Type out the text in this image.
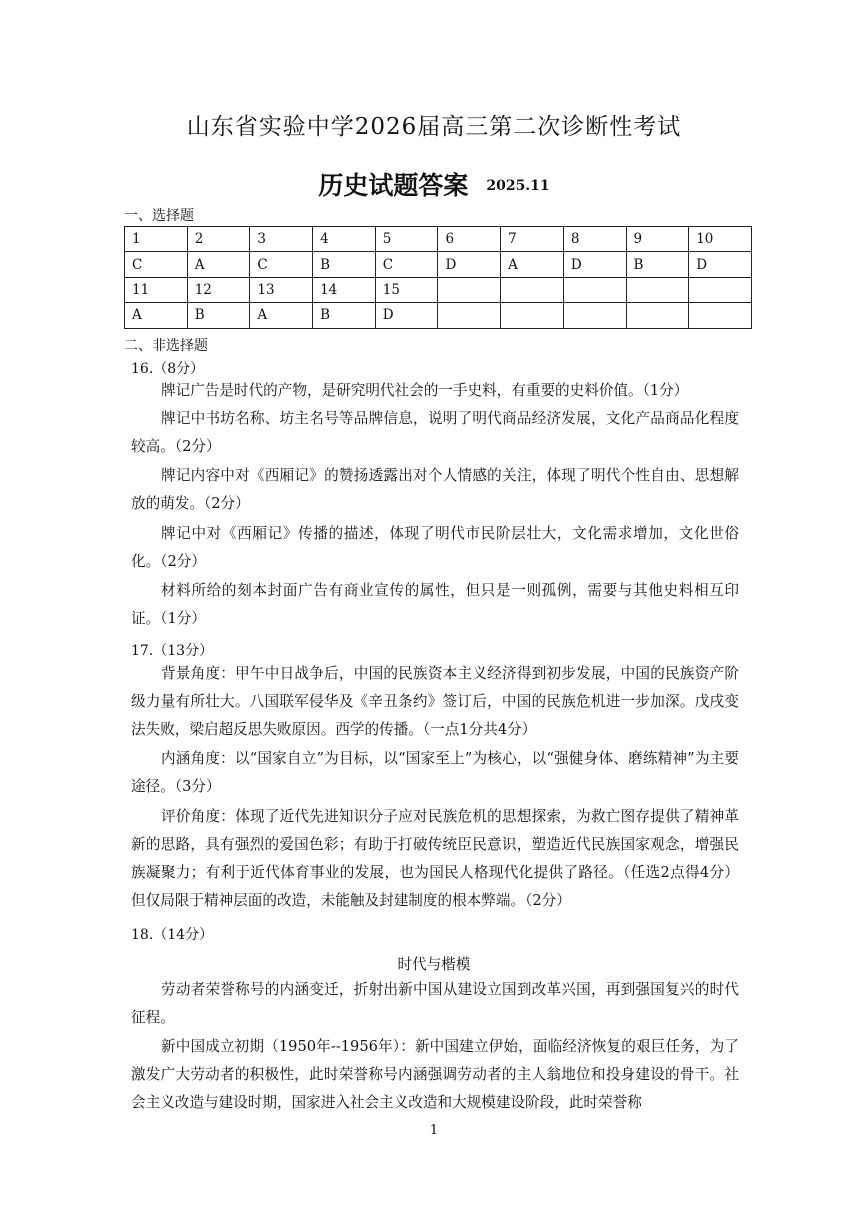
山东省实验中学2026届高三第二次诊断性考试
历史试题答案 2025.11
一、选择题
1	2	3	4	5	6	7	8	9	10
C	A	C	B	C	D	A	D	B	D
11	12	13	14	15					
A	B	A	B	D					
二、非选择题
16.（8分）
牌记广告是时代的产物，是研究明代社会的一手史料，有重要的史料价值。（1分）
牌记中书坊名称、坊主名号等品牌信息，说明了明代商品经济发展，文化产品商品化程度较高。（2分）
牌记内容中对《西厢记》的赞扬透露出对个人情感的关注，体现了明代个性自由、思想解放的萌发。（2分）
牌记中对《西厢记》传播的描述，体现了明代市民阶层壮大，文化需求增加，文化世俗化。（2分）
材料所给的刻本封面广告有商业宣传的属性，但只是一则孤例，需要与其他史料相互印证。（1分）
17.（13分）
背景角度：甲午中日战争后，中国的民族资本主义经济得到初步发展，中国的民族资产阶级力量有所壮大。八国联军侵华及《辛丑条约》签订后，中国的民族危机进一步加深。戊戌变法失败，梁启超反思失败原因。西学的传播。（一点1分共4分）
内涵角度：以“国家自立”为目标，以“国家至上”为核心，以“强健身体、磨练精神”为主要途径。（3分）
评价角度：体现了近代先进知识分子应对民族危机的思想探索，为救亡图存提供了精神革新的思路，具有强烈的爱国色彩；有助于打破传统臣民意识，塑造近代民族国家观念，增强民族凝聚力；有利于近代体育事业的发展，也为国民人格现代化提供了路径。（任选2点得4分）但仅局限于精神层面的改造，未能触及封建制度的根本弊端。（2分）
18.（14分）
时代与楷模
劳动者荣誉称号的内涵变迁，折射出新中国从建设立国到改革兴国，再到强国复兴的时代征程。
新中国成立初期（1950年--1956年）：新中国建立伊始，面临经济恢复的艰巨任务，为了激发广大劳动者的积极性，此时荣誉称号内涵强调劳动者的主人翁地位和投身建设的骨干。社会主义改造与建设时期，国家进入社会主义改造和大规模建设阶段，此时荣誉称
1
